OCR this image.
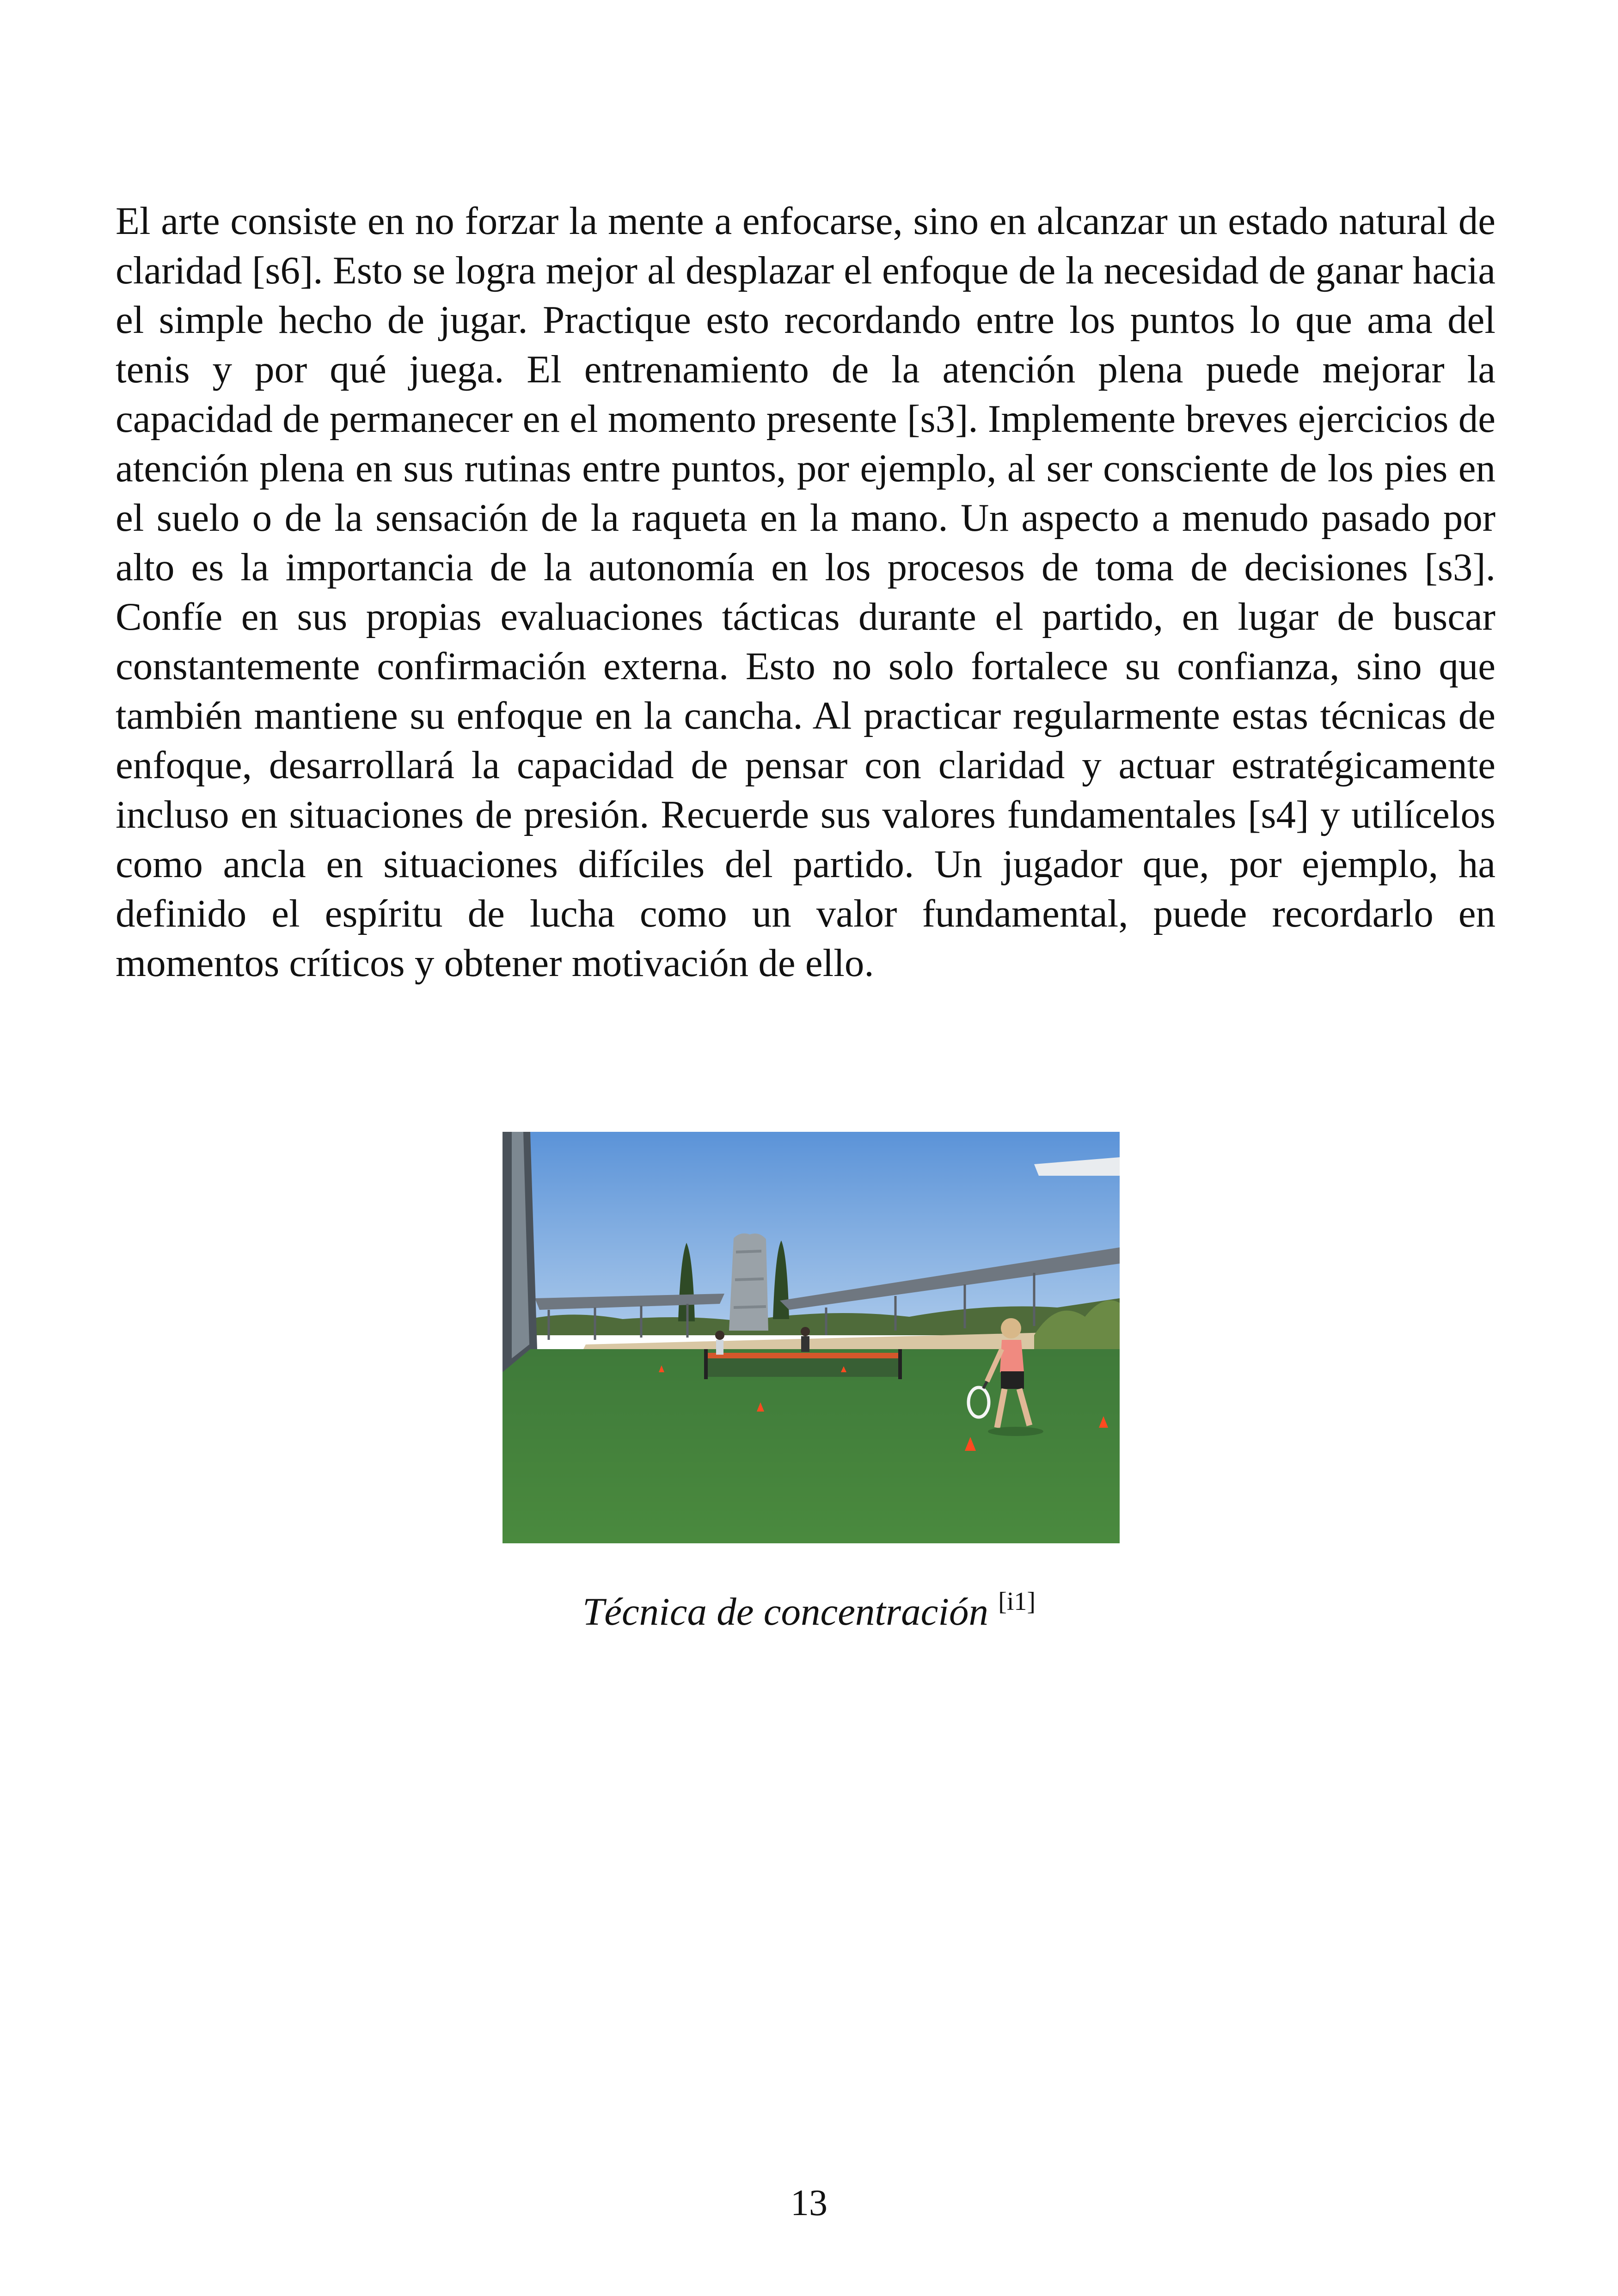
El arte consiste en no forzar la mente a enfocarse, sino en alcanzar un estado natural de claridad [s6]. Esto se logra mejor al desplazar el enfoque de la necesidad de ganar hacia el simple hecho de jugar. Practique esto recordando entre los puntos lo que ama del tenis y por qué juega. El entrenamiento de la atención plena puede mejorar la capacidad de permanecer en el momento presente [s3]. Implemente breves ejercicios de atención plena en sus rutinas entre puntos, por ejemplo, al ser consciente de los pies en el suelo o de la sensación de la raqueta en la mano. Un aspecto a menudo pasado por alto es la importancia de la autonomía en los procesos de toma de decisiones [s3]. Confíe en sus propias evaluaciones tácticas durante el partido, en lugar de buscar constantemente confirmación externa. Esto no solo fortalece su confianza, sino que también mantiene su enfoque en la cancha. Al practicar regularmente estas técnicas de enfoque, desarrollará la capacidad de pensar con claridad y actuar estratégicamente incluso en situaciones de presión. Recuerde sus valores fundamentales [s4] y utilícelos como ancla en situaciones difíciles del partido. Un jugador que, por ejemplo, ha definido el espíritu de lucha como un valor fundamental, puede recordarlo en momentos críticos y obtener motivación de ello.

Técnica de concentración [i1]
13
